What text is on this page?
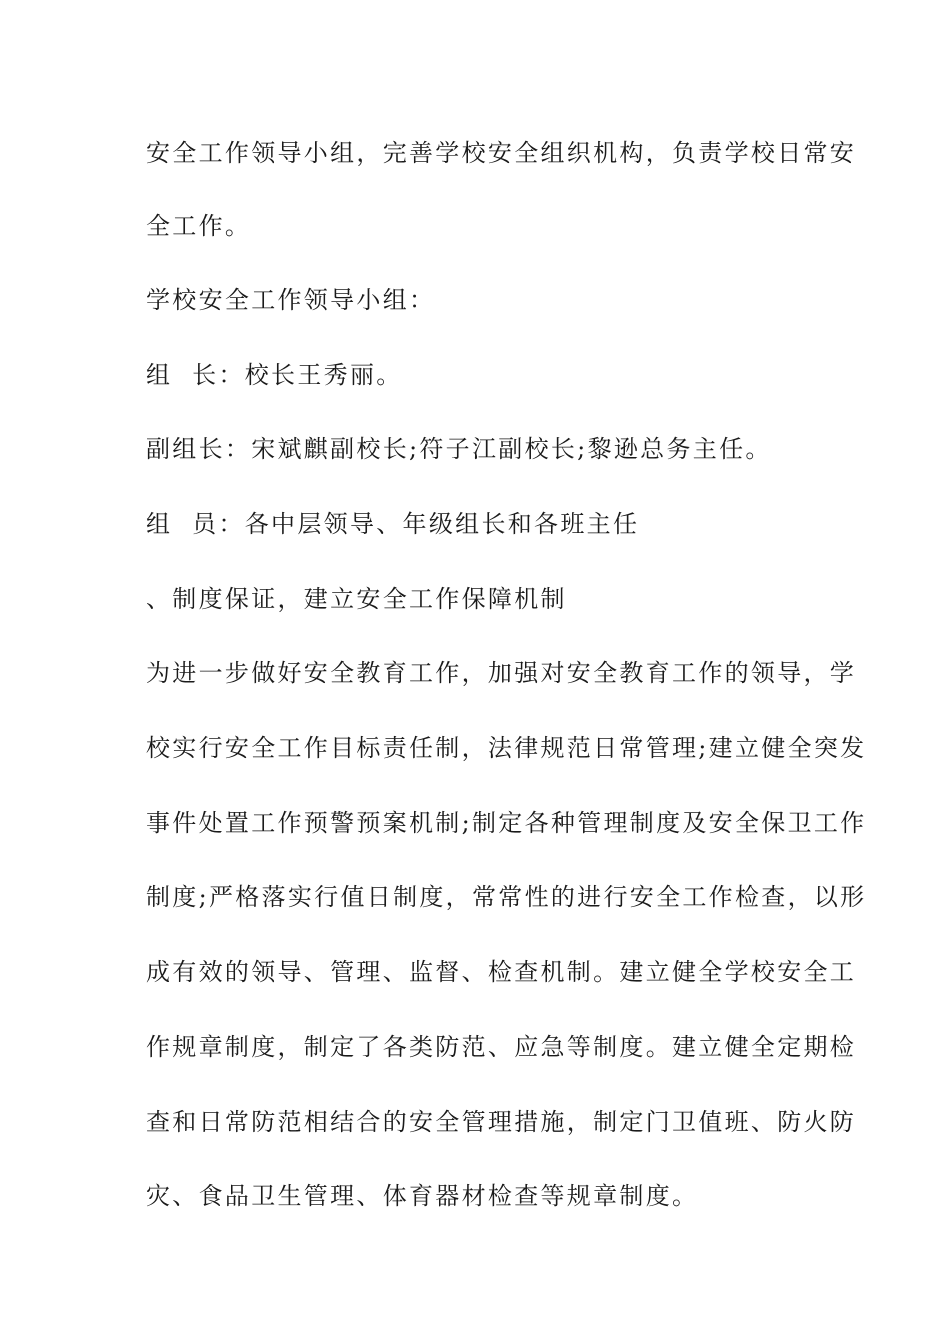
安全工作领导小组，完善学校安全组织机构，负责学校日常安
全工作。
学校安全工作领导小组：
组  长：校长王秀丽。
副组长：宋斌麒副校长;符子江副校长;黎逊总务主任。
组  员：各中层领导、年级组长和各班主任
、制度保证，建立安全工作保障机制
为进一步做好安全教育工作，加强对安全教育工作的领导，学
校实行安全工作目标责任制，法律规范日常管理;建立健全突发
事件处置工作预警预案机制;制定各种管理制度及安全保卫工作
制度;严格落实行值日制度，常常性的进行安全工作检查，以形
成有效的领导、管理、监督、检查机制。建立健全学校安全工
作规章制度，制定了各类防范、应急等制度。建立健全定期检
查和日常防范相结合的安全管理措施，制定门卫值班、防火防
灾、食品卫生管理、体育器材检查等规章制度。
